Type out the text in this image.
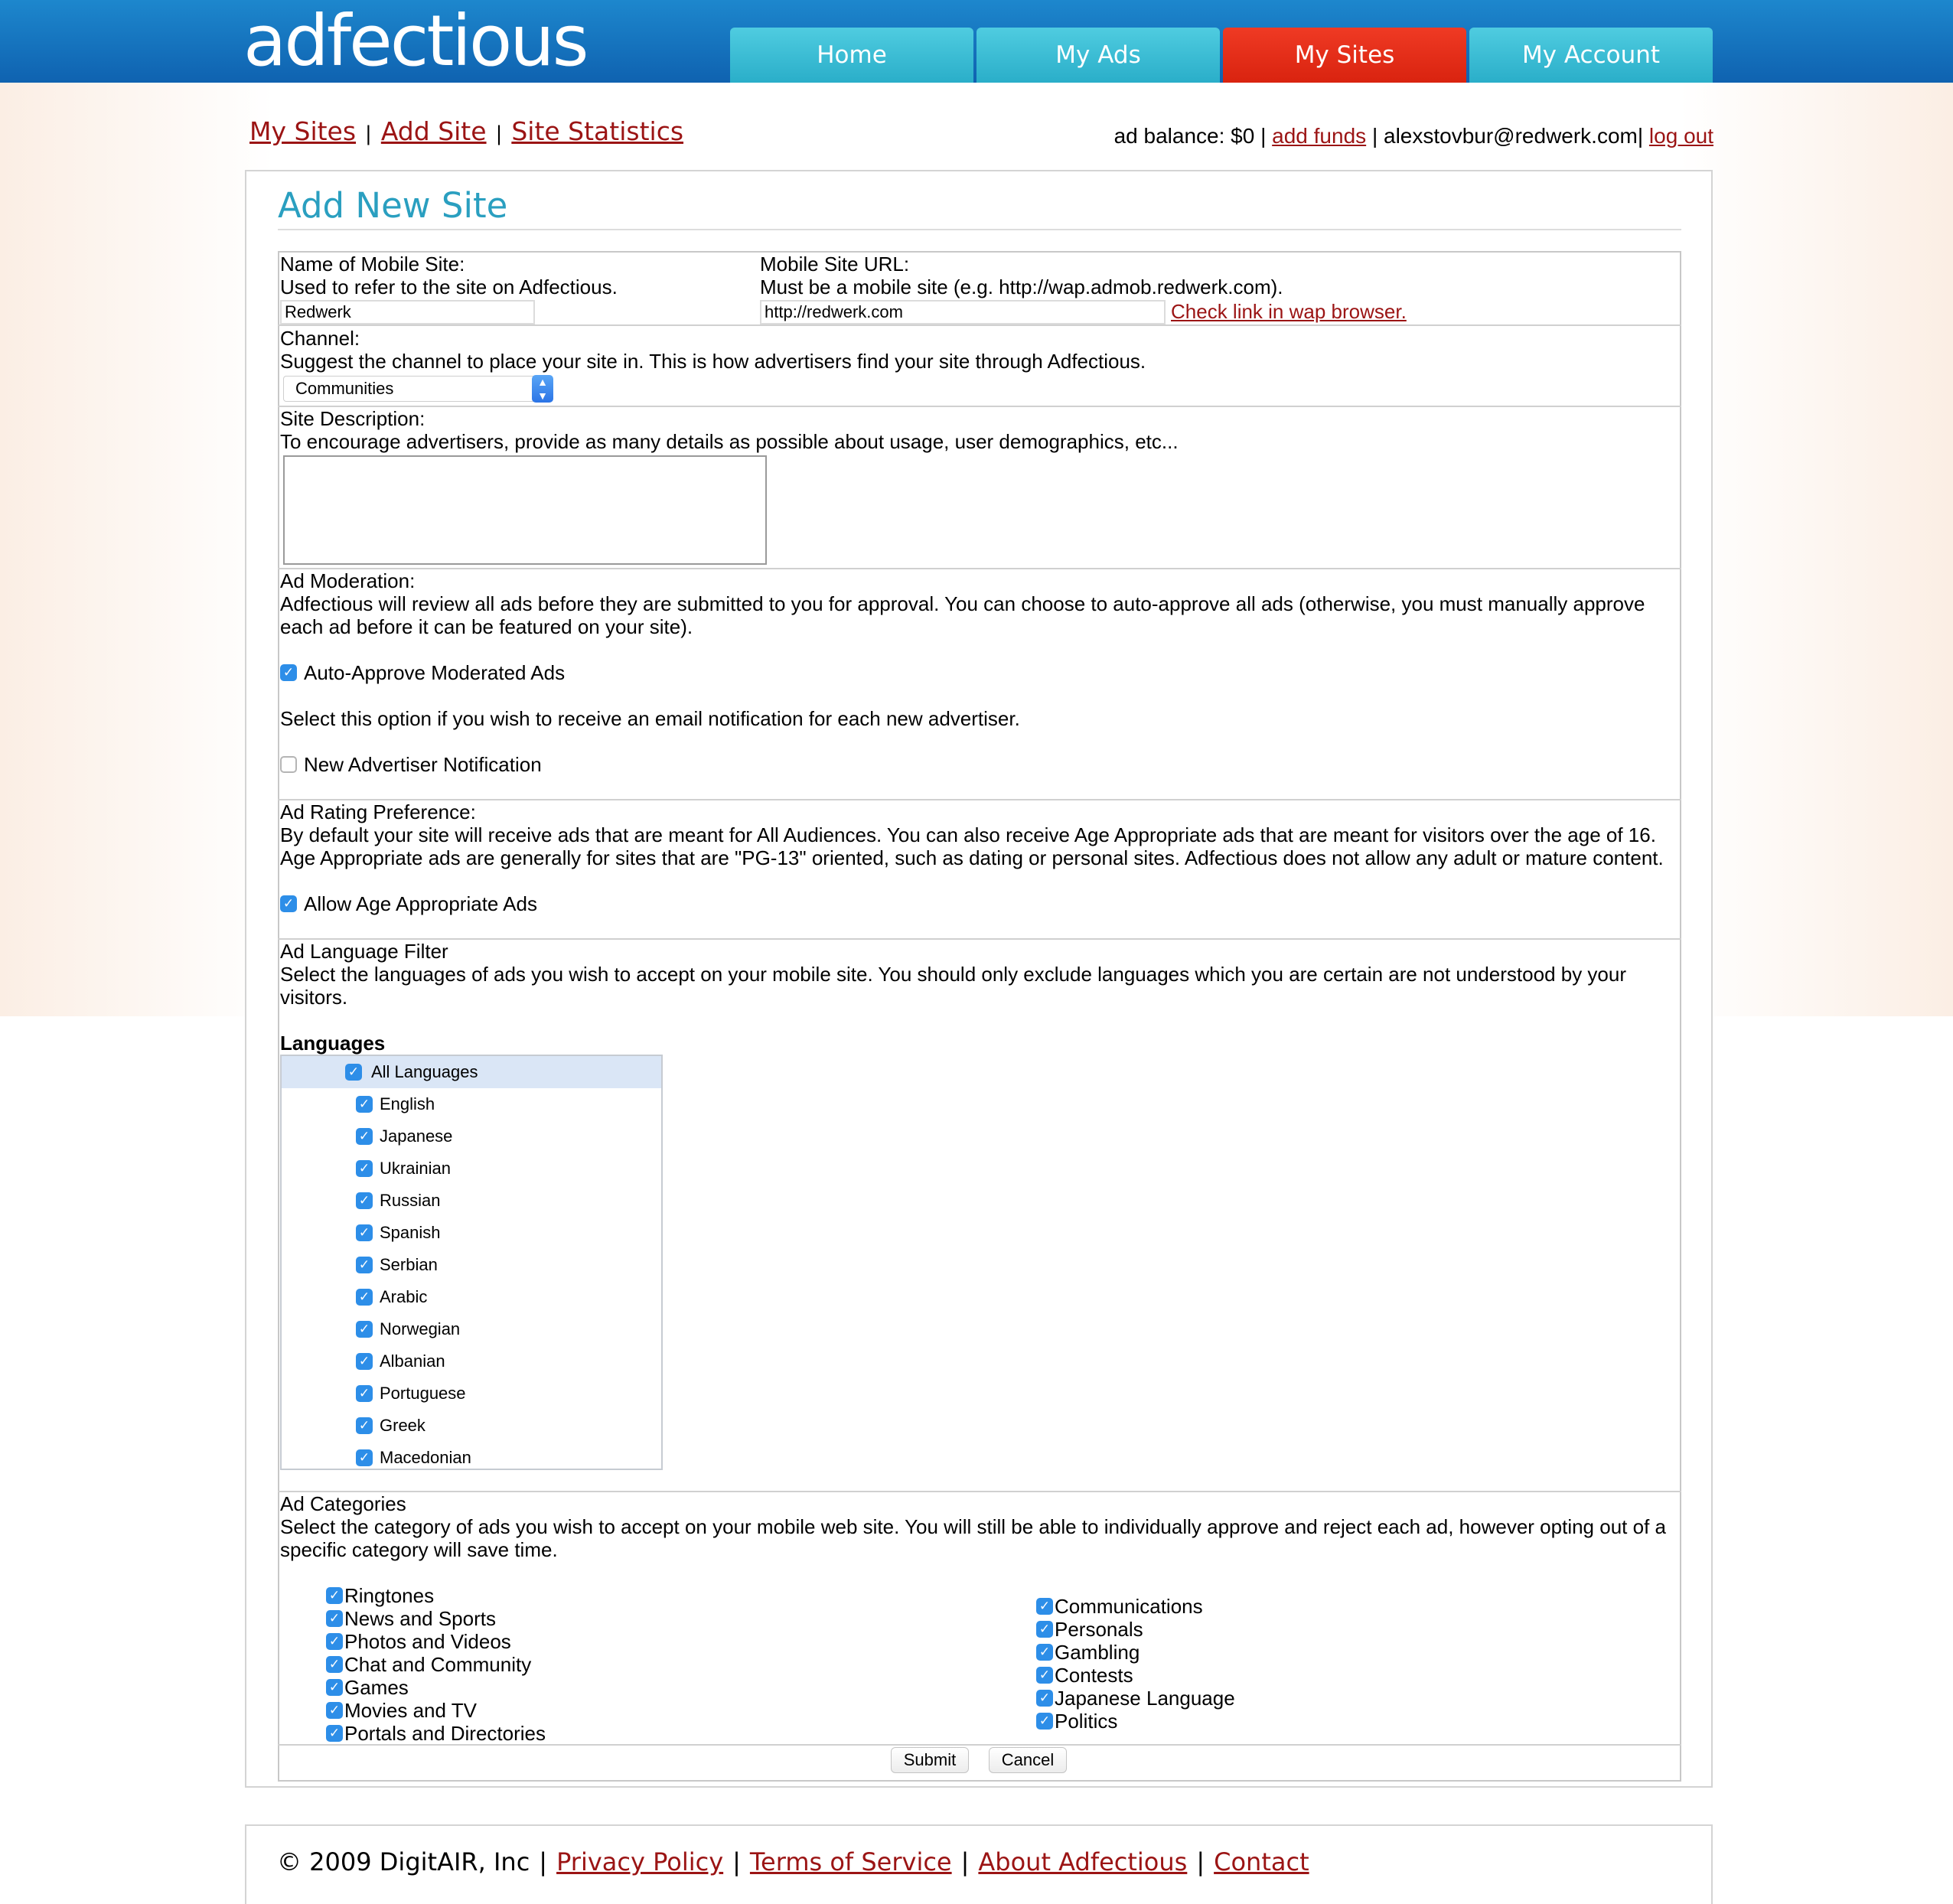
adfectious	Home	My Ads	My Sites	My Account
My Sites | Add Site | Site Statistics	ad balance: $0 | add funds | alexstovbur@redwerk.com| log out
Add New Site
Name of Mobile Site:
Used to refer to the site on Adfectious.
Redwerk
Mobile Site URL:
Must be a mobile site (e.g. http://wap.admob.redwerk.com).
http://redwerk.com	Check link in wap browser.
Channel:
Suggest the channel to place your site in. This is how advertisers find your site through Adfectious.
Communities	▲
▼
Site Description:
To encourage advertisers, provide as many details as possible about usage, user demographics, etc...
Ad Moderation:
Adfectious will review all ads before they are submitted to you for approval. You can choose to auto-approve all ads (otherwise, you must manually approve each ad before it can be featured on your site).
✓ Auto-Approve Moderated Ads
Select this option if you wish to receive an email notification for each new advertiser.
New Advertiser Notification
Ad Rating Preference:
By default your site will receive ads that are meant for All Audiences. You can also receive Age Appropriate ads that are meant for visitors over the age of 16. Age Appropriate ads are generally for sites that are "PG-13" oriented, such as dating or personal sites. Adfectious does not allow any adult or mature content.
✓ Allow Age Appropriate Ads
Ad Language Filter
Select the languages of ads you wish to accept on your mobile site. You should only exclude languages which you are certain are not understood by your visitors.
Languages
✓ All Languages
✓ English
✓ Japanese
✓ Ukrainian
✓ Russian
✓ Spanish
✓ Serbian
✓ Arabic
✓ Norwegian
✓ Albanian
✓ Portuguese
✓ Greek
✓ Macedonian
Ad Categories
Select the category of ads you wish to accept on your mobile web site. You will still be able to individually approve and reject each ad, however opting out of a specific category will save time.
✓ Ringtones
✓ News and Sports
✓ Photos and Videos
✓ Chat and Community
✓ Games
✓ Movies and TV
✓ Portals and Directories
✓ Communications
✓ Personals
✓ Gambling
✓ Contests
✓ Japanese Language
✓ Politics
Submit	Cancel
© 2009 DigitAIR, Inc | Privacy Policy | Terms of Service | About Adfectious | Contact
